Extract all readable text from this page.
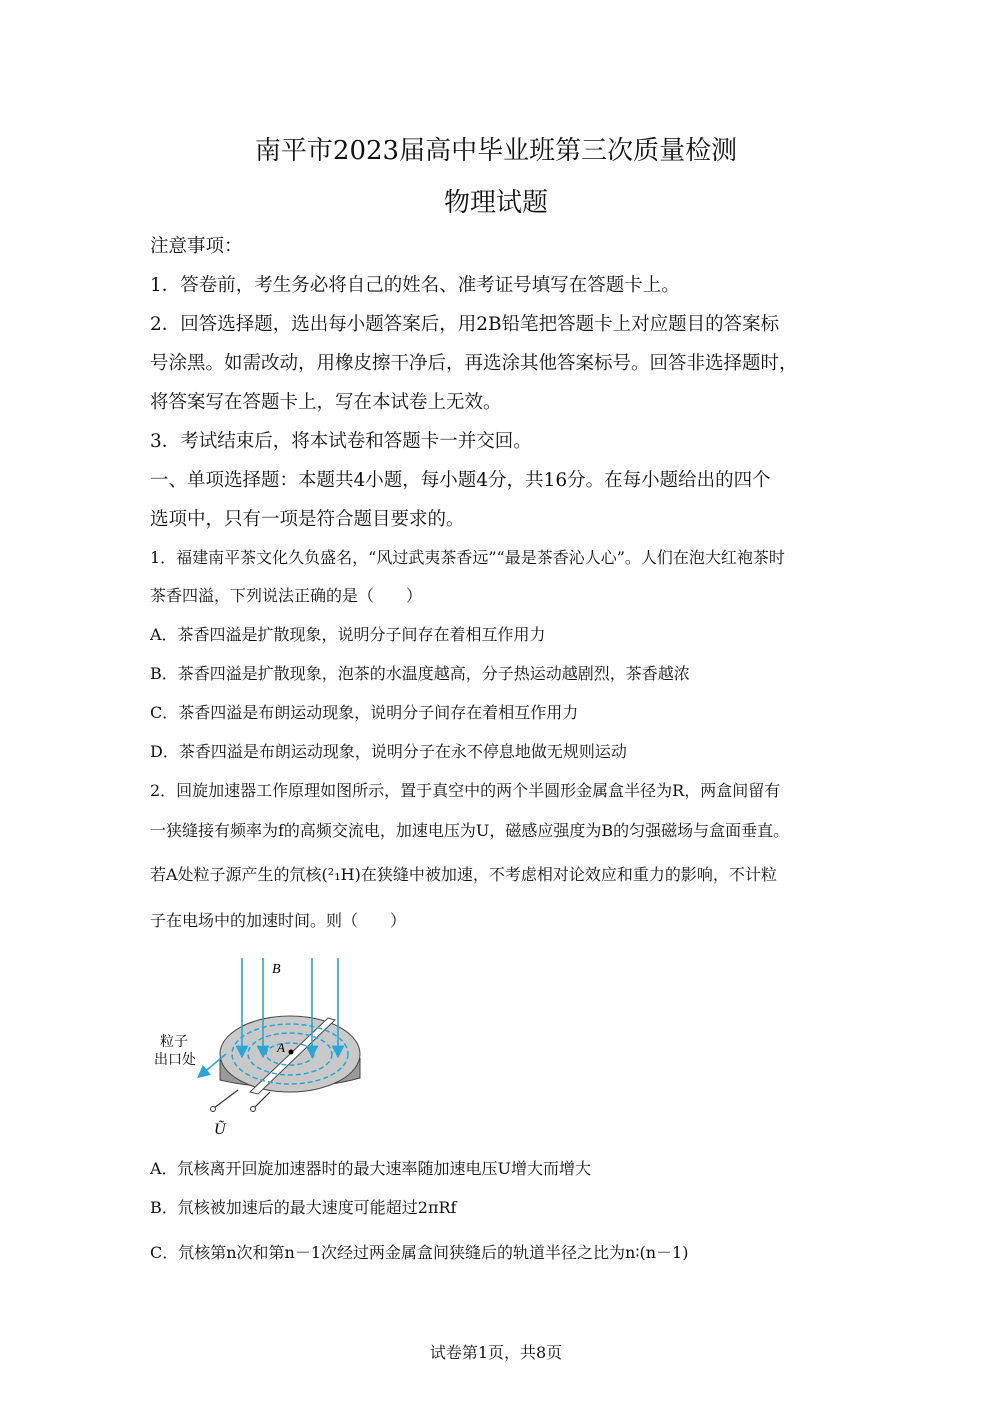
南平市2023届高中毕业班第三次质量检测
物理试题
注意事项：
1．答卷前，考生务必将自己的姓名、准考证号填写在答题卡上。
2．回答选择题，选出每小题答案后，用2B铅笔把答题卡上对应题目的答案标
号涂黑。如需改动，用橡皮擦干净后，再选涂其他答案标号。回答非选择题时，
将答案写在答题卡上，写在本试卷上无效。
3．考试结束后，将本试卷和答题卡一并交回。
一、单项选择题：本题共4小题，每小题4分，共16分。在每小题给出的四个
选项中，只有一项是符合题目要求的。
1．福建南平茶文化久负盛名，“风过武夷茶香远”“最是茶香沁人心”。人们在泡大红袍茶时
茶香四溢，下列说法正确的是（　　）
A．茶香四溢是扩散现象，说明分子间存在着相互作用力
B．茶香四溢是扩散现象，泡茶的水温度越高，分子热运动越剧烈，茶香越浓
C．茶香四溢是布朗运动现象，说明分子间存在着相互作用力
D．茶香四溢是布朗运动现象，说明分子在永不停息地做无规则运动
2．回旋加速器工作原理如图所示，置于真空中的两个半圆形金属盒半径为R，两盒间留有
一狭缝接有频率为f的高频交流电，加速电压为U，磁感应强度为B的匀强磁场与盒面垂直。
若A处粒子源产生的氘核(²₁H)在狭缝中被加速，不考虑相对论效应和重力的影响，不计粒
子在电场中的加速时间。则（　　）
B
A
粒子
出口处
Ũ
A．氘核离开回旋加速器时的最大速率随加速电压U增大而增大
B．氘核被加速后的最大速度可能超过2πRf
C．氘核第n次和第n－1次经过两金属盒间狭缝后的轨道半径之比为n∶(n－1)
试卷第1页，共8页
